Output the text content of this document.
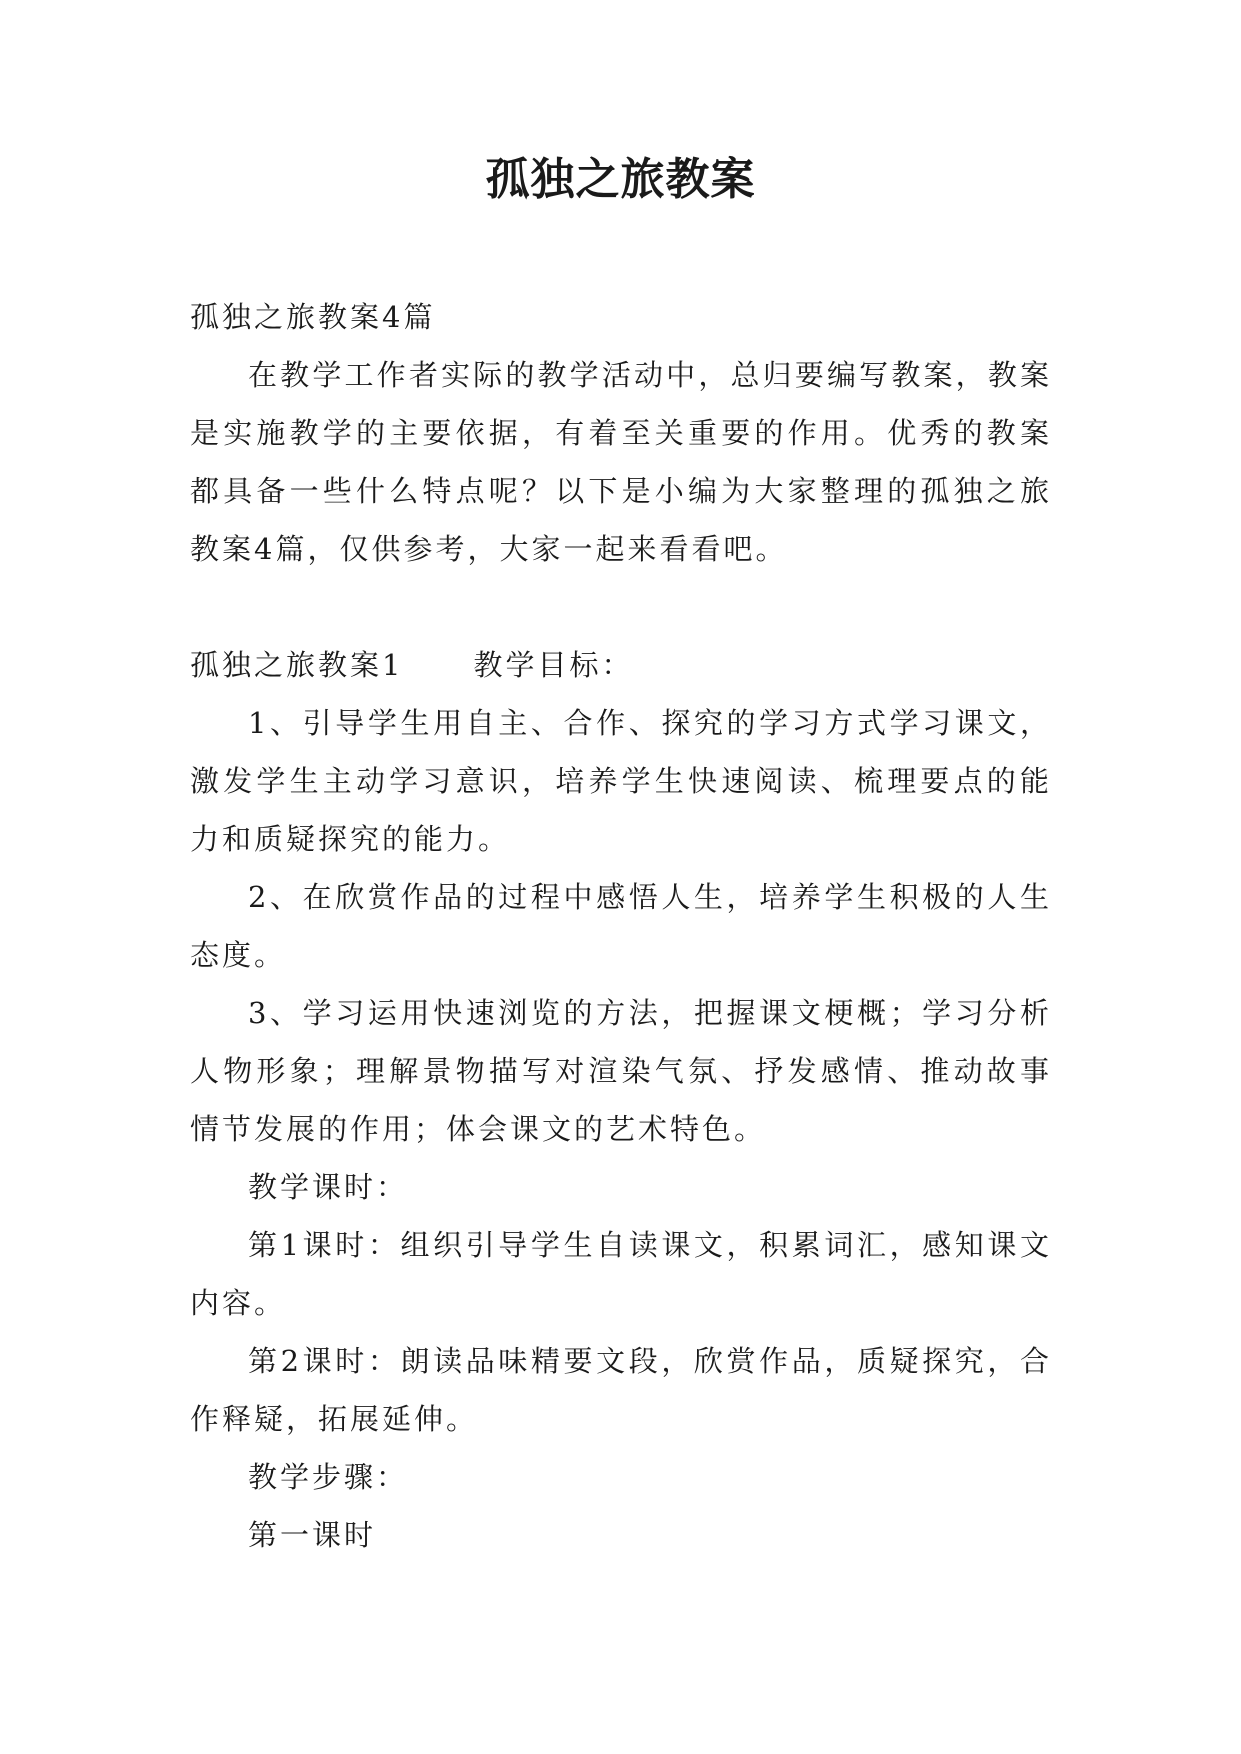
孤独之旅教案

孤独之旅教案4篇

在教学工作者实际的教学活动中，总归要编写教案，教案是实施教学的主要依据，有着至关重要的作用。优秀的教案都具备一些什么特点呢？以下是小编为大家整理的孤独之旅教案4篇，仅供参考，大家一起来看看吧。

孤独之旅教案1 教学目标：

1、引导学生用自主、合作、探究的学习方式学习课文，激发学生主动学习意识，培养学生快速阅读、梳理要点的能力和质疑探究的能力。

2、在欣赏作品的过程中感悟人生，培养学生积极的人生态度。

3、学习运用快速浏览的方法，把握课文梗概；学习分析人物形象；理解景物描写对渲染气氛、抒发感情、推动故事情节发展的作用；体会课文的艺术特色。

教学课时：

第1课时：组织引导学生自读课文，积累词汇，感知课文内容。

第2课时：朗读品味精要文段，欣赏作品，质疑探究，合作释疑，拓展延伸。

教学步骤：

第一课时
